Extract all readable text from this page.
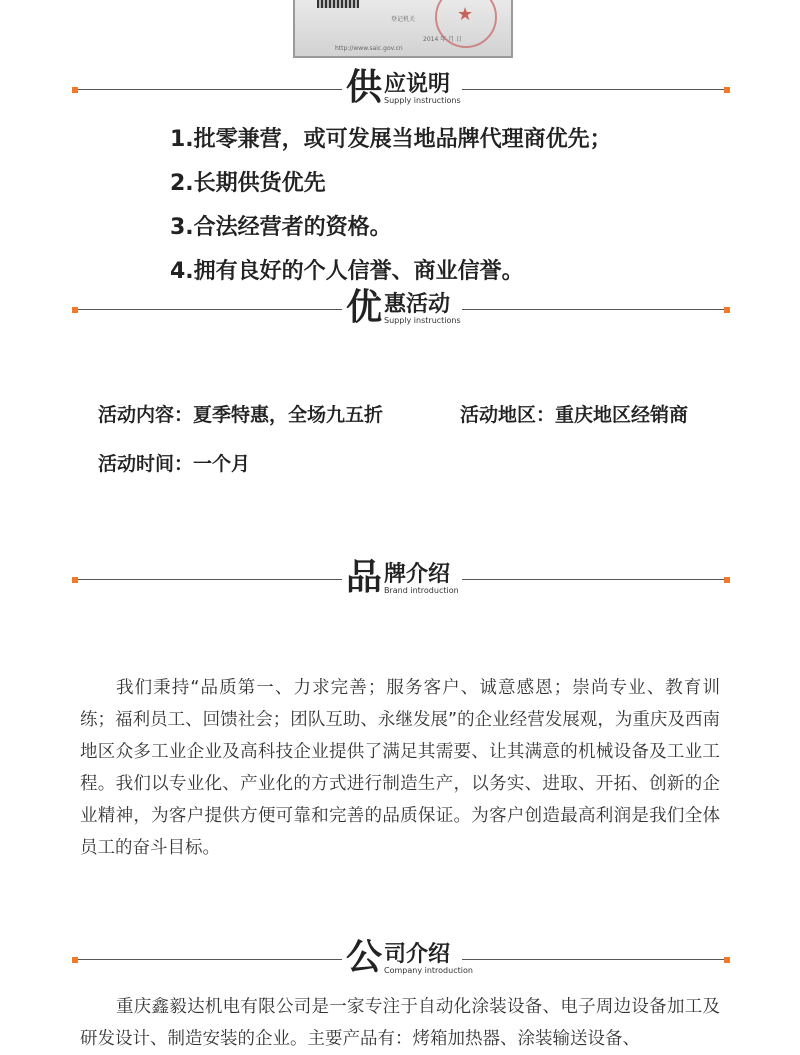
★
登记机关
2014 年 月 日
http://www.saic.gov.cn
供 应说明
Supply instructions
1.批零兼营，或可发展当地品牌代理商优先；
2.长期供货优先
3.合法经营者的资格。
4.拥有良好的个人信誉、商业信誉。
优 惠活动
Supply instructions
活动内容：夏季特惠，全场九五折	活动地区：重庆地区经销商
活动时间：一个月
品 牌介绍
Brand introduction

我们秉持“品质第一、力求完善；服务客户、诚意感恩；崇尚专业、教育训练；福利员工、回馈社会；团队互助、永继发展”的企业经营发展观，为重庆及西南地区众多工业企业及高科技企业提供了满足其需要、让其满意的机械设备及工业工程。我们以专业化、产业化的方式进行制造生产，以务实、进取、开拓、创新的企业精神，为客户提供方便可靠和完善的品质保证。为客户创造最高利润是我们全体员工的奋斗目标。

公 司介绍
Company introduction

重庆鑫毅达机电有限公司是一家专注于自动化涂装设备、电子周边设备加工及研发设计、制造安装的企业。主要产品有：烤箱加热器、涂装输送设备、
